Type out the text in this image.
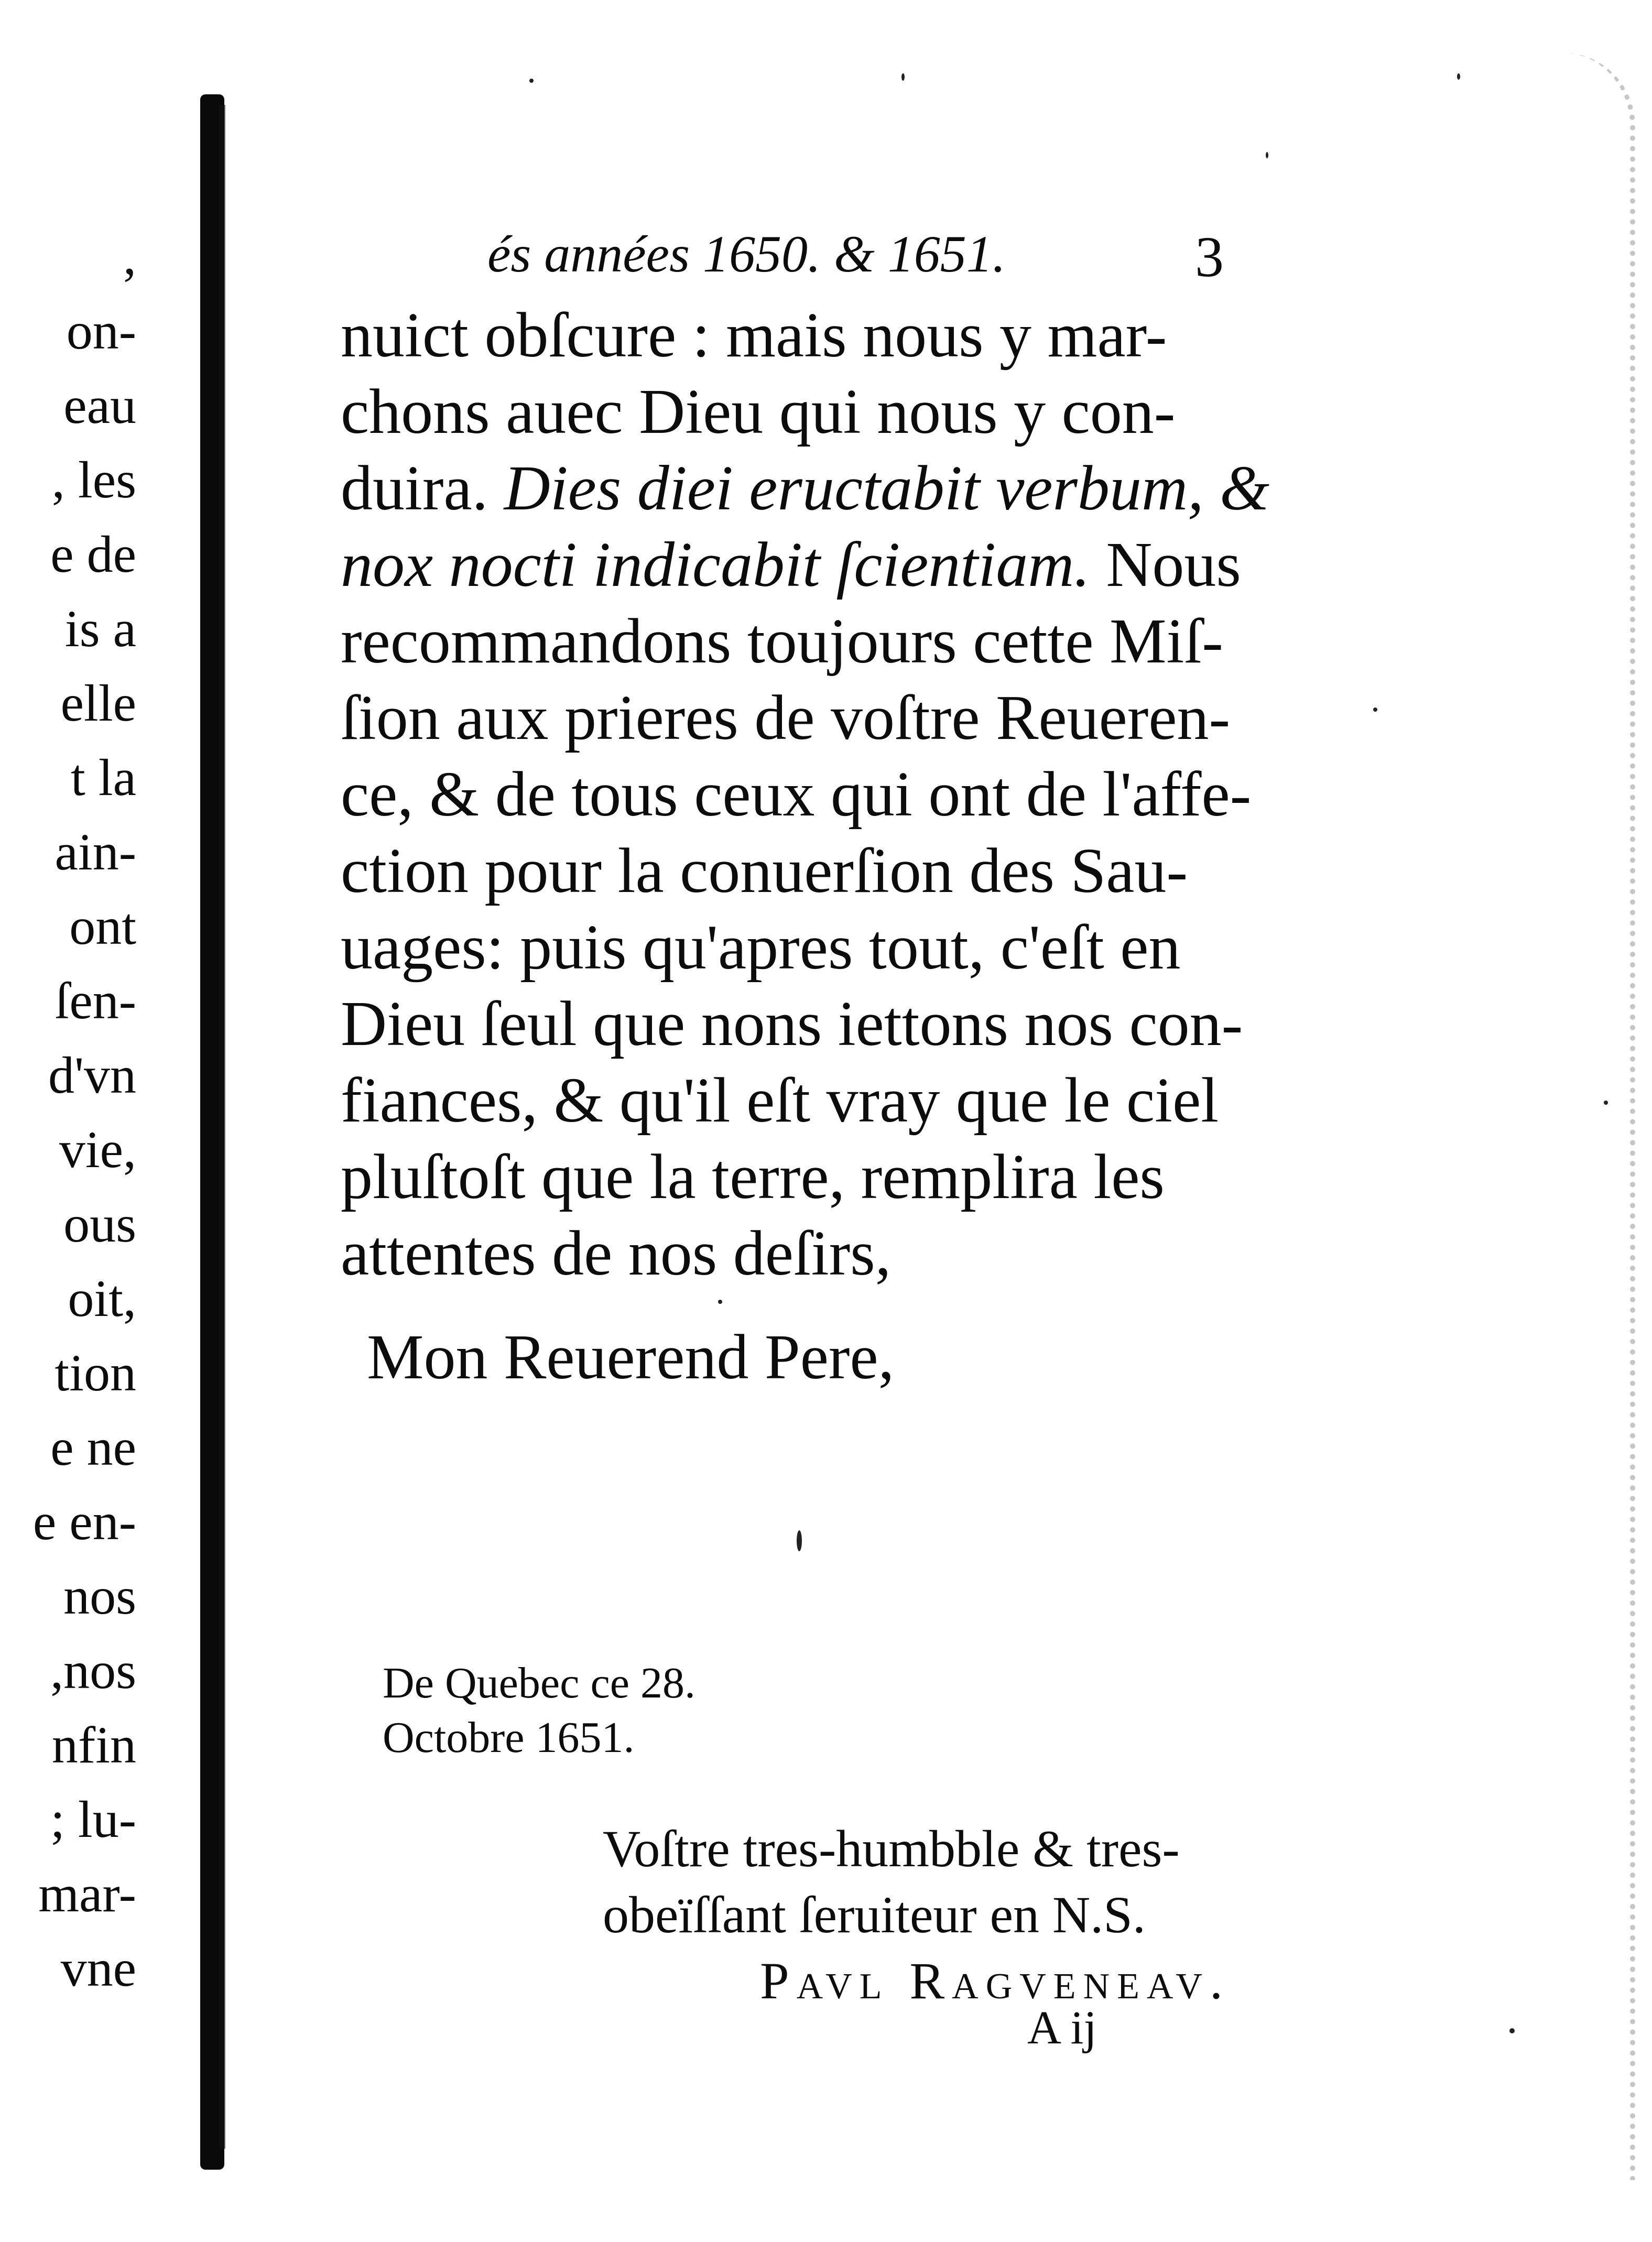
,
on-
eau
, les
e de
is a
elle
t la
ain-
ont
ſen-
d'vn
vie,
ous
oit,
tion
e ne
e en-
nos
,nos
nfin
; lu-
mar-
vne
és années 1650. & 1651.	3
nuict obſcure : mais nous y mar-
chons auec Dieu qui nous y con-
duira. Dies diei eructabit verbum, &
nox nocti indicabit ſcientiam. Nous
recommandons toujours cette Miſ-
ſion aux prieres de voſtre Reueren-
ce, & de tous ceux qui ont de l'affe-
ction pour la conuerſion des Sau-
uages: puis qu'apres tout, c'eſt en
Dieu ſeul que nons iettons nos con-
fiances, & qu'il eſt vray que le ciel
pluſtoſt que la terre, remplira les
attentes de nos deſirs,
Mon Reuerend Pere,
De Quebec ce 28.
Octobre 1651.
Voſtre tres-humbble & tres-
obeïſſant ſeruiteur en N.S.
Pavl Ragveneav.
A ij
